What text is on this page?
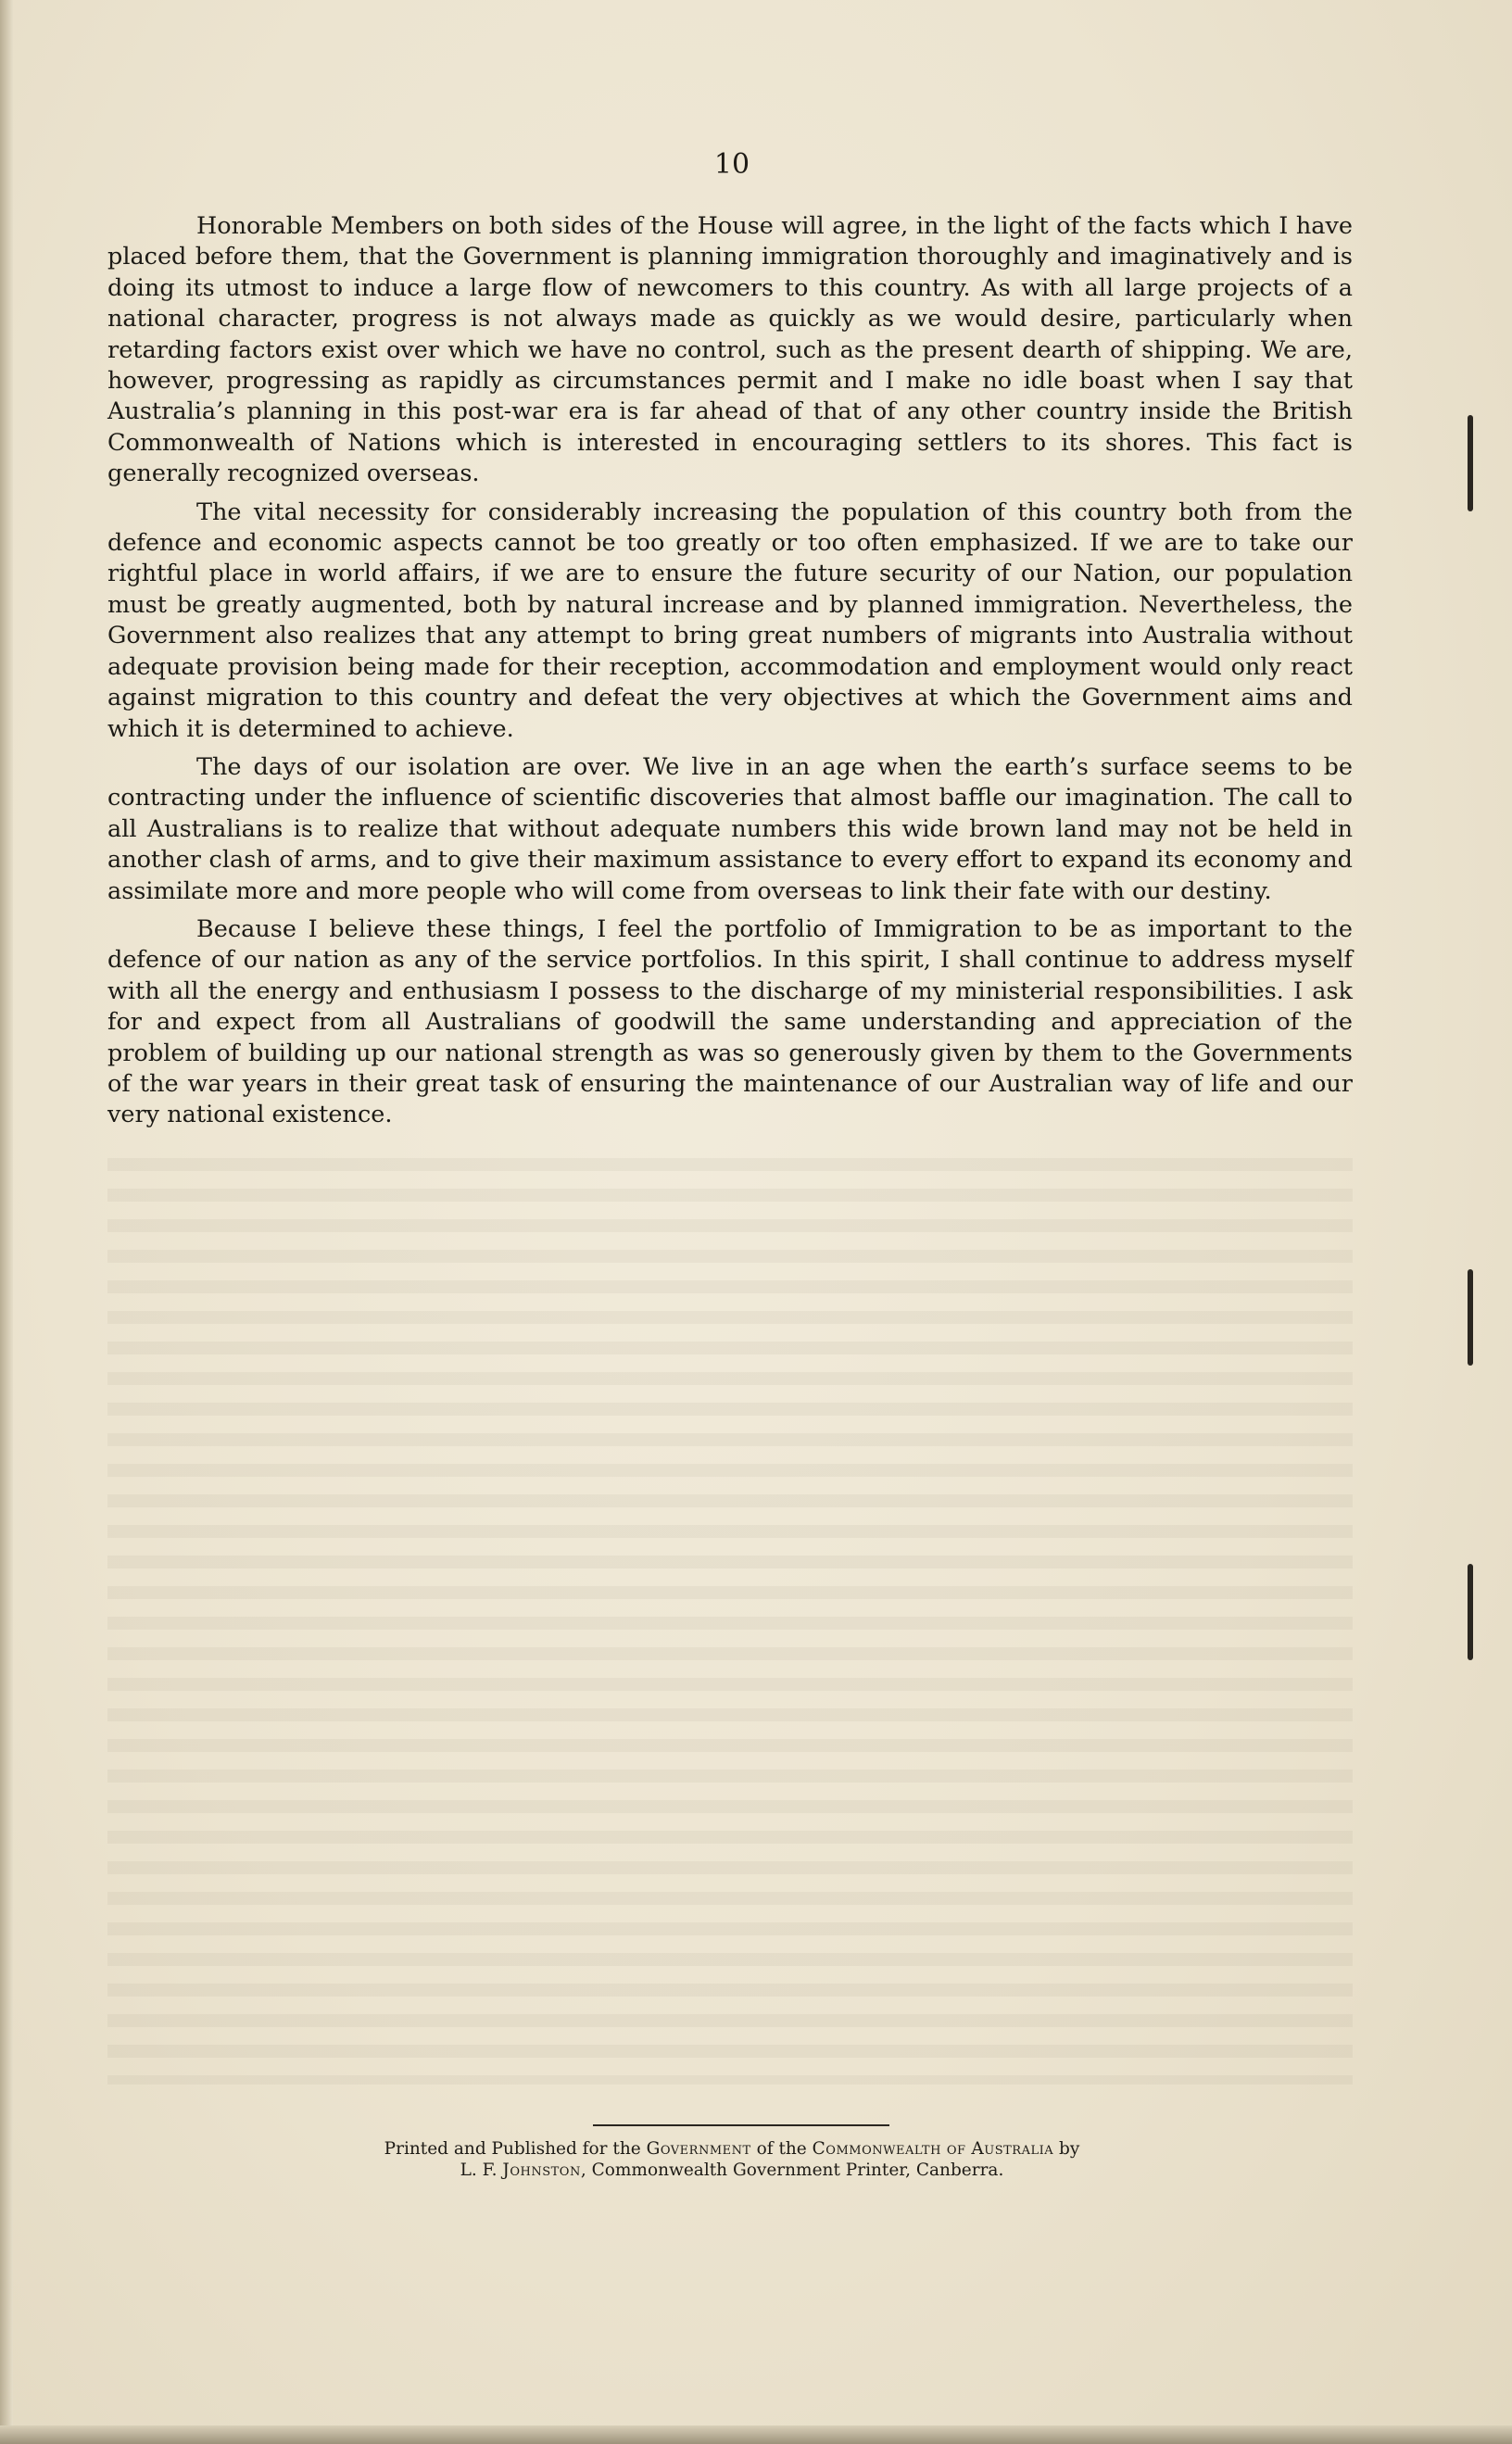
10

Honorable Members on both sides of the House will agree, in the light of the facts which I have placed before them, that the Government is planning immigration thoroughly and imaginatively and is doing its utmost to induce a large flow of newcomers to this country. As with all large projects of a national character, progress is not always made as quickly as we would desire, particularly when retarding factors exist over which we have no control, such as the present dearth of shipping. We are, however, progressing as rapidly as circumstances permit and I make no idle boast when I say that Australia’s planning in this post-war era is far ahead of that of any other country inside the British Commonwealth of Nations which is interested in encouraging settlers to its shores. This fact is generally recognized overseas.

The vital necessity for considerably increasing the population of this country both from the defence and economic aspects cannot be too greatly or too often emphasized. If we are to take our rightful place in world affairs, if we are to ensure the future security of our Nation, our population must be greatly augmented, both by natural increase and by planned immigration. Nevertheless, the Government also realizes that any attempt to bring great numbers of migrants into Australia without adequate provision being made for their reception, accommodation and employment would only react against migration to this country and defeat the very objectives at which the Government aims and which it is determined to achieve.

The days of our isolation are over. We live in an age when the earth’s surface seems to be contracting under the influence of scientific discoveries that almost baffle our imagination. The call to all Australians is to realize that without adequate numbers this wide brown land may not be held in another clash of arms, and to give their maximum assistance to every effort to expand its economy and assimilate more and more people who will come from overseas to link their fate with our destiny.

Because I believe these things, I feel the portfolio of Immigration to be as important to the defence of our nation as any of the service portfolios. In this spirit, I shall continue to address myself with all the energy and enthusiasm I possess to the discharge of my ministerial responsibilities. I ask for and expect from all Australians of goodwill the same understanding and appreciation of the problem of building up our national strength as was so generously given by them to the Governments of the war years in their great task of ensuring the maintenance of our Australian way of life and our very national existence.

Printed and Published for the Government of the Commonwealth of Australia by
L. F. Johnston, Commonwealth Government Printer, Canberra.
